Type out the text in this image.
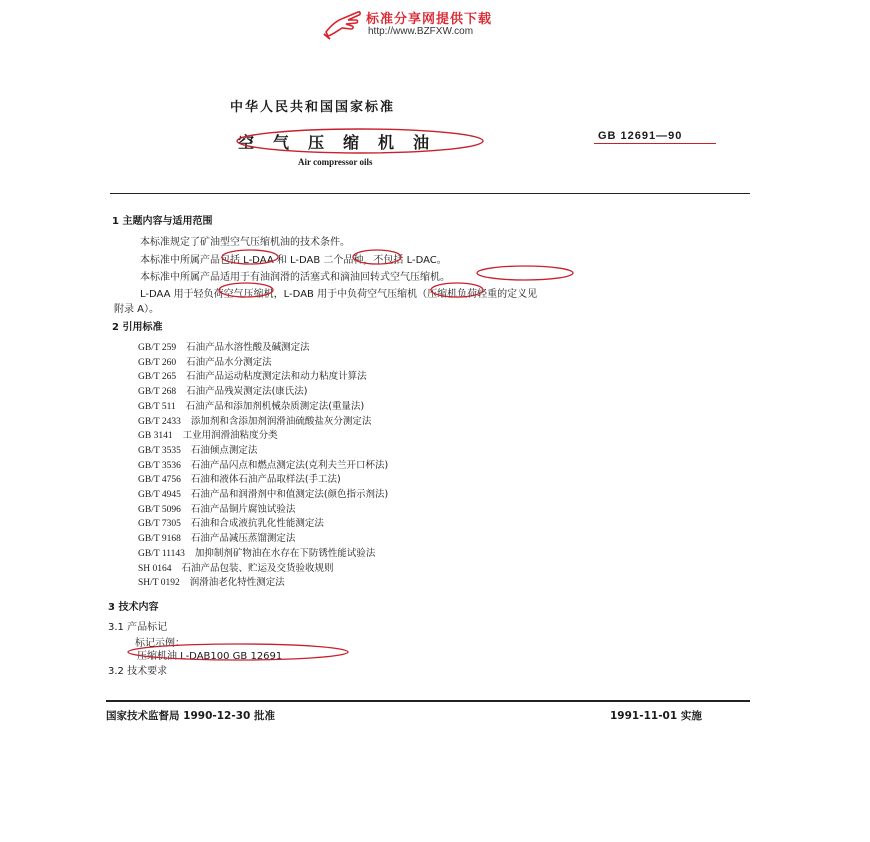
标准分享网提供下载
http://www.BZFXW.com
中华人民共和国国家标准
空气压缩机油
Air compressor oils
GB 12691—90
1 主题内容与适用范围
本标准规定了矿油型空气压缩机油的技术条件。
本标准中所属产品包括 L-DAA 和 L-DAB 二个品种，不包括 L-DAC。
本标准中所属产品适用于有油润滑的活塞式和滴油回转式空气压缩机。
L-DAA 用于轻负荷空气压缩机，L-DAB 用于中负荷空气压缩机（压缩机负荷轻重的定义见
附录 A）。
2 引用标准
GB/T 259 石油产品水溶性酸及碱测定法
GB/T 260 石油产品水分测定法
GB/T 265 石油产品运动粘度测定法和动力粘度计算法
GB/T 268 石油产品残炭测定法(康氏法)
GB/T 511 石油产品和添加剂机械杂质测定法(重量法)
GB/T 2433 添加剂和含添加剂润滑油硫酸盐灰分测定法
GB 3141 工业用润滑油粘度分类
GB/T 3535 石油倾点测定法
GB/T 3536 石油产品闪点和燃点测定法(克利夫兰开口杯法)
GB/T 4756 石油和液体石油产品取样法(手工法)
GB/T 4945 石油产品和润滑剂中和值测定法(颜色指示剂法)
GB/T 5096 石油产品铜片腐蚀试验法
GB/T 7305 石油和合成液抗乳化性能测定法
GB/T 9168 石油产品减压蒸馏测定法
GB/T 11143 加抑制剂矿物油在水存在下防锈性能试验法
SH 0164 石油产品包装、贮运及交货验收规则
SH/T 0192 润滑油老化特性测定法
3 技术内容
3.1 产品标记
标记示例：
压缩机油 L-DAB100 GB 12691
3.2 技术要求
国家技术监督局 1990-12-30 批准	1991-11-01 实施
